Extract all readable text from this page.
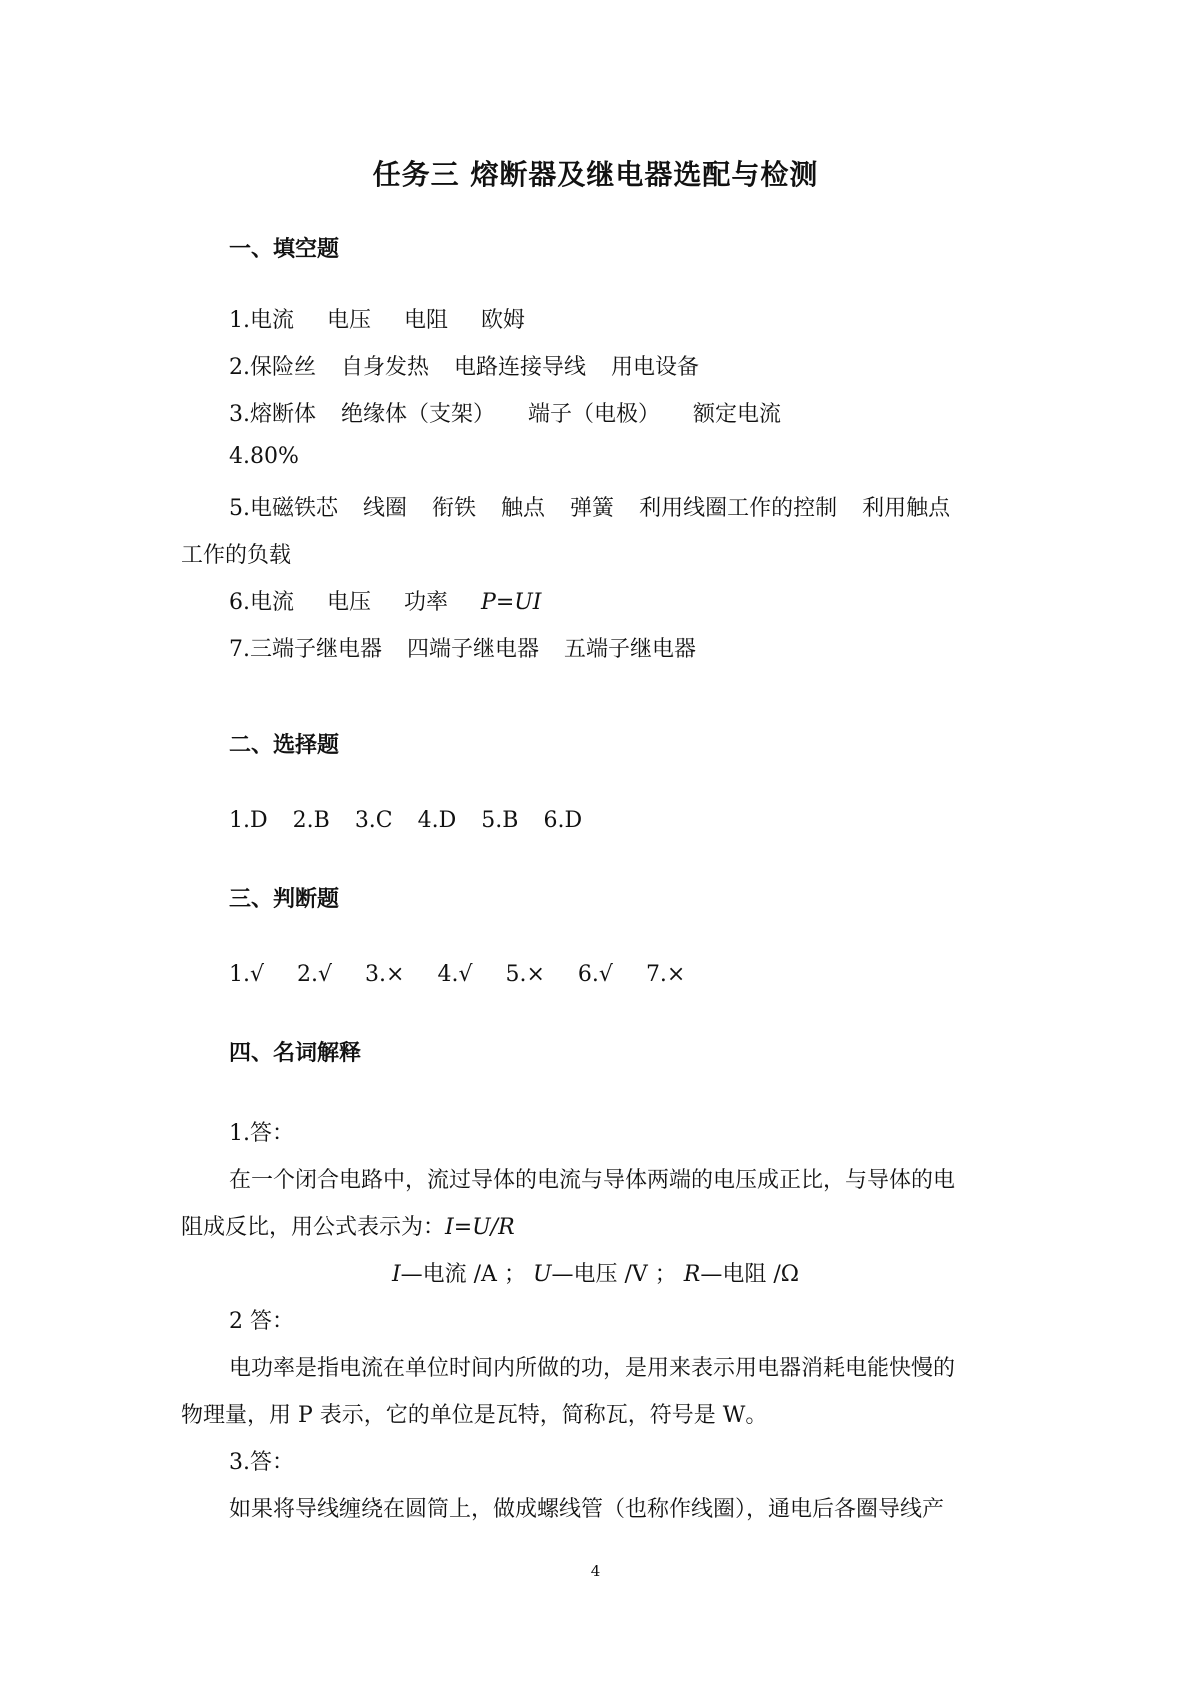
任务三 熔断器及继电器选配与检测
一、填空题
1.电流 电压 电阻 欧姆
2.保险丝 自身发热 电路连接导线 用电设备
3.熔断体 绝缘体（支架） 端子（电极） 额定电流
4.80%
5.电磁铁芯 线圈 衔铁 触点 弹簧 利用线圈工作的控制 利用触点
工作的负载
6.电流 电压 功率 P=UI
7.三端子继电器 四端子继电器 五端子继电器
二、选择题
1.D 2.B 3.C 4.D 5.B 6.D
三、判断题
1.√ 2.√ 3.× 4.√ 5.× 6.√ 7.×
四、名词解释
1.答：
在一个闭合电路中，流过导体的电流与导体两端的电压成正比，与导体的电
阻成反比，用公式表示为：I=U/R
I—电流 /A ； U—电压 /V ； R—电阻 /Ω
2 答：
电功率是指电流在单位时间内所做的功，是用来表示用电器消耗电能快慢的
物理量，用 P 表示，它的单位是瓦特，简称瓦，符号是 W。
3.答：
如果将导线缠绕在圆筒上，做成螺线管（也称作线圈），通电后各圈导线产
4
